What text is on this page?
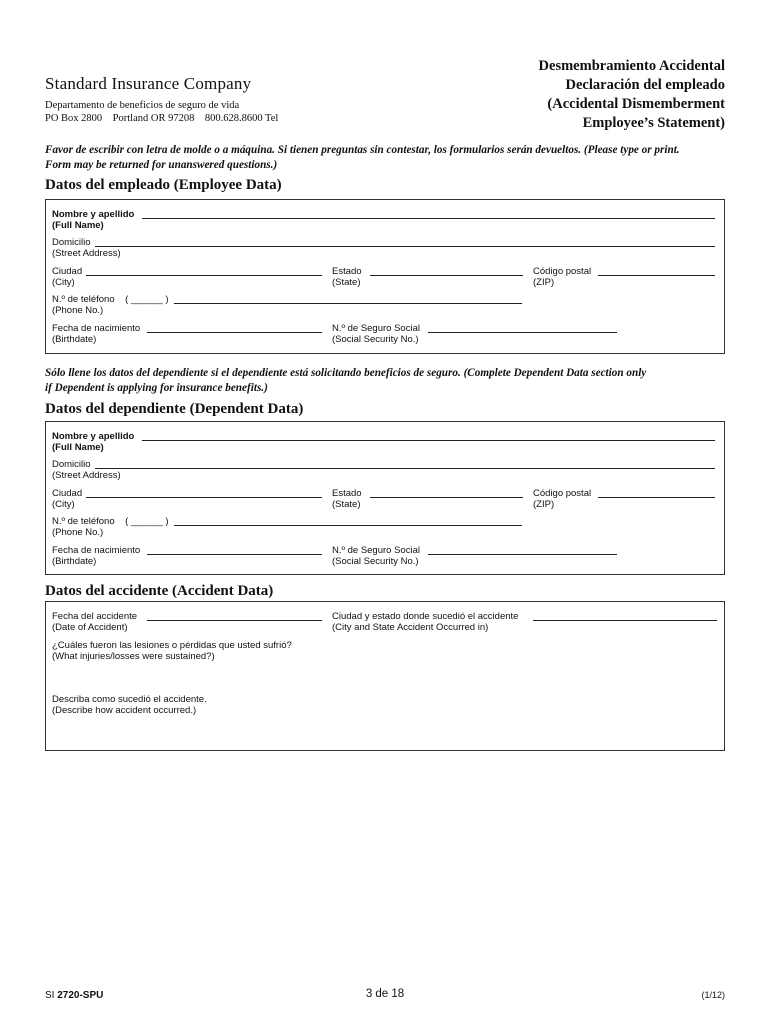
Standard Insurance Company
Departamento de beneficios de seguro de vida
PO Box 2800    Portland OR 97208    800.628.8600 Tel
Desmembramiento Accidental
Declaración del empleado
(Accidental Dismemberment
Employee’s Statement)
Favor de escribir con letra de molde o a máquina. Si tienen preguntas sin contestar, los formularios serán devueltos. (Please type or print.
Form may be returned for unanswered questions.)
Datos del empleado (Employee Data)
Nombre y apellido
(Full Name)
Domicilio
(Street Address)
Ciudad
(City)
Estado
(State)
Código postal
(ZIP)
N.º de teléfono    ( ______ )
(Phone No.)
Fecha de nacimiento
(Birthdate)
N.º de Seguro Social
(Social Security No.)
Sólo llene los datos del dependiente si el dependiente está solicitando beneficios de seguro. (Complete Dependent Data section only
if Dependent is applying for insurance benefits.)
Datos del dependiente (Dependent Data)
Nombre y apellido
(Full Name)
Domicilio
(Street Address)
Ciudad
(City)
Estado
(State)
Código postal
(ZIP)
N.º de teléfono    ( ______ )
(Phone No.)
Fecha de nacimiento
(Birthdate)
N.º de Seguro Social
(Social Security No.)
Datos del accidente (Accident Data)
Fecha del accidente
(Date of Accident)
Ciudad y estado donde sucedió el accidente
(City and State Accident Occurred in)
¿Cuáles fueron las lesiones o pérdidas que usted sufrió?
(What injuries/losses were sustained?)
Describa como sucedió el accidente.
(Describe how accident occurred.)
SI 2720-SPU	3 de 18	(1/12)
